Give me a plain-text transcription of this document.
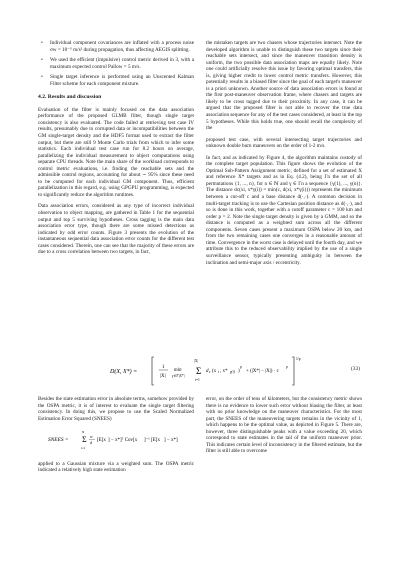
• Individual component covariances are inflated with a process noise σw = 10⁻⁵ m/s² during propagation, thus affecting AEGIS splitting.
• We used the efficient (impulsive) control metric derived in 3, with a maximum expected control Pallow = 5 m/s.
• Single target inference is performed using an Unscented Kalman Filter scheme for each component mixture.
4.2. Results and discussion

Evaluation of the filter is mainly focused on the data association performance of the proposed GLMB filter, though single target consistency is also evaluated. The code failed at retrieving test case IV results, presumably due to corrupted data or incompatibilities between the GM single-target density and the HDF5 format used to extract the filter output, but there are still 9 Monte Carlo trials from which to infer some statistics. Each individual test case run for 8.2 hours on average, parallelizing the individual measurement to object computations using separate CPU threads. Note the main share of the workload corresponds to control metric evaluations, i.e. finding the reachable sets and the admissible control regions, accounting for about ∼ 95% since these need to be computed for each individual GM component. Thus, efficient parallelization in this regard, e.g. using GPGPU programming, is expected to significantly reduce the algorithm runtimes.

Data association errors, considered as any type of incorrect individual observation to object mapping, are gathered in Table 1 for the sequential output and top 5 surviving hypotheses. Cross tagging is the main data association error type, though there are some missed detections as indicated by odd error counts. Figure 3 presents the evolution of the instantaneous sequential data association error counts for the different test cases considered. Therein, one can see that the majority of these errors are due to a cross correlation between two targets, in fact,

the mistaken targets are two chasers whose trajectories intersect. Note the developed algorithm is unable to distinguish these two targets since their reachable sets intersect, and since the maneuver transition density is uniform, the two possible data association maps are equally likely. Note one could artificially resolve this issue by favoring optimal transfers, this is, giving higher credit to lower control metric transfers. However, this potentially results in a biased filter since the goal of each target's maneuver is a priori unknown. Another source of data association errors is found at the first post-maneuver observation frame, where chasers and targets are likely to be cross tagged due to their proximity. In any case, it can be argued that the proposed filter is not able to recover the true data association sequence for any of the test cases considered, at least in the top 5 hypotheses. While this holds true, one should recall the complexity of the

proposed test case, with several intersecting target trajectories and unknown double burn maneuvers on the order of 1-2 m/s.

In fact, and as indicated by Figure 4, the algorithm maintains custody of the complete target population. This figure shows the evolution of the Optimal Sub-Pattern Assignment metric, defined for a set of estimated X and reference X* targets and as in Eq. (4.2), being Γn the set of all permutations {1, ..., n}, for n ∈ ℕ and γ ∈ Γn a sequence {γ(1), ..., γ(n)}. The distance dc(xi, x*γ(i)) = min(c, d(xi, x*γ(i))) represents the minimum between a cut-off c and a base distance d(·,·). A common decision in multi-target tracking is to use the Cartesian position distance as d(·,·), and so is done in this work, together with a cutoff parameter c = 100 km and order p = 2. Note the single target density is given by a GMM, and so the distance is computed as a weighted sum across all the different components. Seven cases present a maximum OSPA below 20 km, and from the two remaining cases one converges in a reasonable amount of time. Convergence in the worst case is delayed until the fourth day, and we attribute this to the reduced observability implied by the use of a single surveillance sensor, typically presenting ambiguity in between the inclination and semi-major axis / eccentricity.

D(X, X*) =
1
|X|
min
γ∈Γ|X*| Σ
|X|
i=1
d c (x i , x* γ(i) )
p
+ (|X*| − |X|) · c
p
1/p
(33)

Besides the state estimation error in absolute terms, somehow provided by the OSPA metric, it is of interest to evaluate the single target filtering consistency. In doing this, we propose to use the Scaled Normalized Estimation Error Squared (SNEES)

SNEES = Σ
N
i=1
w
d [E[x ] − x*]ᵀ Cov[x ]⁻¹ [E[x ] − x*]

applied to a Gaussian mixture via a weighted sum. The OSPA metric indicated a relatively high state estimation

error, on the order of tens of kilometers, but the consistency metric shows there is no evidence to lower such error without biasing the filter, at least with no prior knowledge on the maneuver characteristics. For the most part, the SNEES of the maneuvering targets remains in the vicinity of 1, which happens to be the optimal value, as depicted in Figure 5. There are, however, three distinguishable peaks with a value exceeding 20, which correspond to state estimates in the tail of the uniform maneuver prior. This indicates certain level of inconsistency in the filtered estimate, but the filter is still able to overcome
